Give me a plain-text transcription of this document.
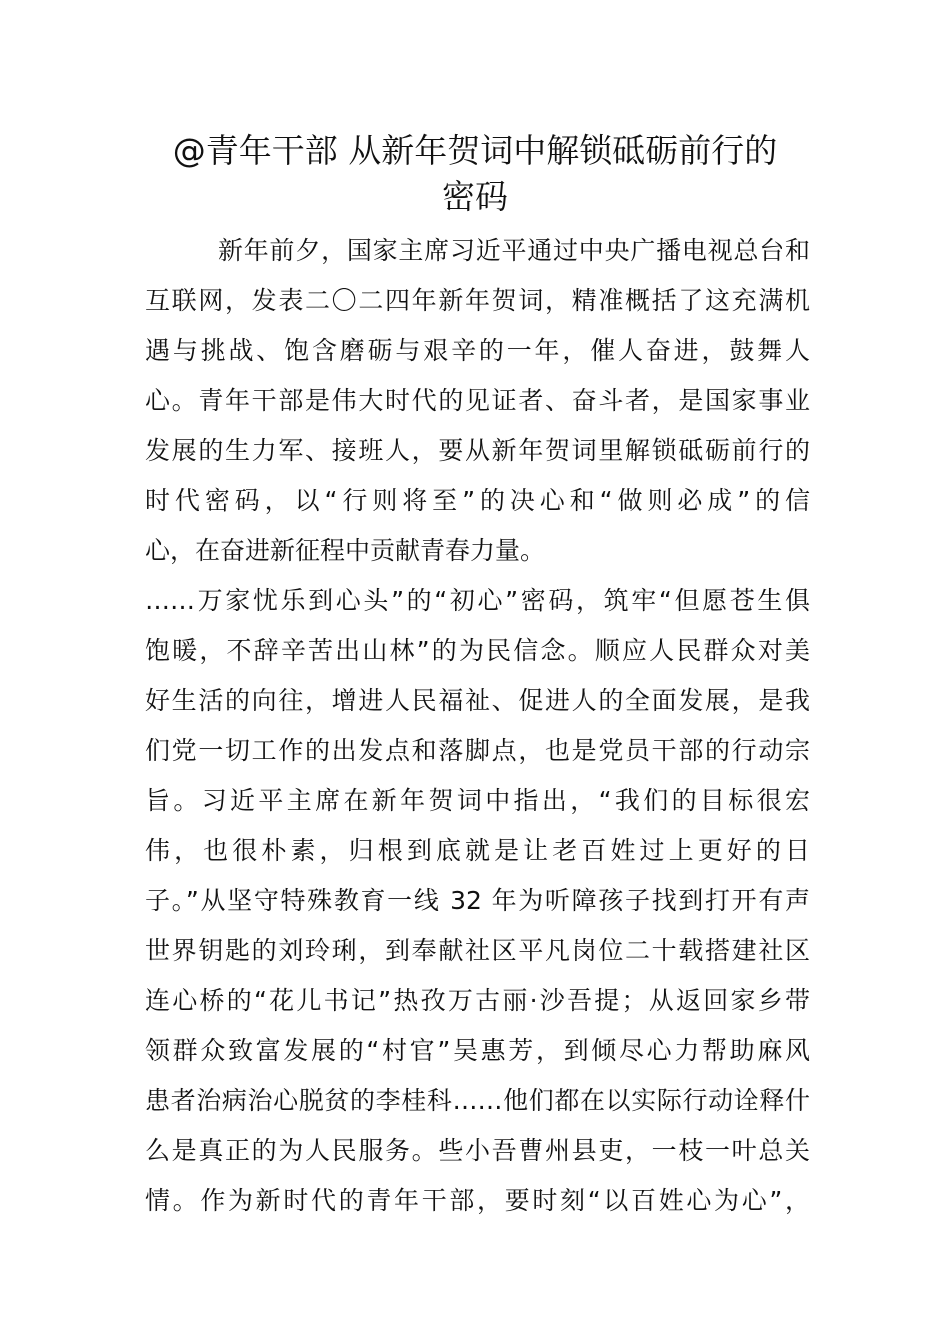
@青年干部 从新年贺词中解锁砥砺前行的
密码
新年前夕，国家主席习近平通过中央广播电视总台和
互联网，发表二〇二四年新年贺词，精准概括了这充满机
遇与挑战、饱含磨砺与艰辛的一年，催人奋进，鼓舞人
心。青年干部是伟大时代的见证者、奋斗者，是国家事业
发展的生力军、接班人，要从新年贺词里解锁砥砺前行的
时代密码，以“行则将至”的决心和“做则必成”的信
心，在奋进新征程中贡献青春力量。
……万家忧乐到心头”的“初心”密码，筑牢“但愿苍生俱
饱暖，不辞辛苦出山林”的为民信念。顺应人民群众对美
好生活的向往，增进人民福祉、促进人的全面发展，是我
们党一切工作的出发点和落脚点，也是党员干部的行动宗
旨。习近平主席在新年贺词中指出，“我们的目标很宏
伟，也很朴素，归根到底就是让老百姓过上更好的日
子。”从坚守特殊教育一线 32 年为听障孩子找到打开有声
世界钥匙的刘玲琍，到奉献社区平凡岗位二十载搭建社区
连心桥的“花儿书记”热孜万古丽·沙吾提；从返回家乡带
领群众致富发展的“村官”吴惠芳，到倾尽心力帮助麻风
患者治病治心脱贫的李桂科……他们都在以实际行动诠释什
么是真正的为人民服务。些小吾曹州县吏，一枝一叶总关
情。作为新时代的青年干部，要时刻“以百姓心为心”，
